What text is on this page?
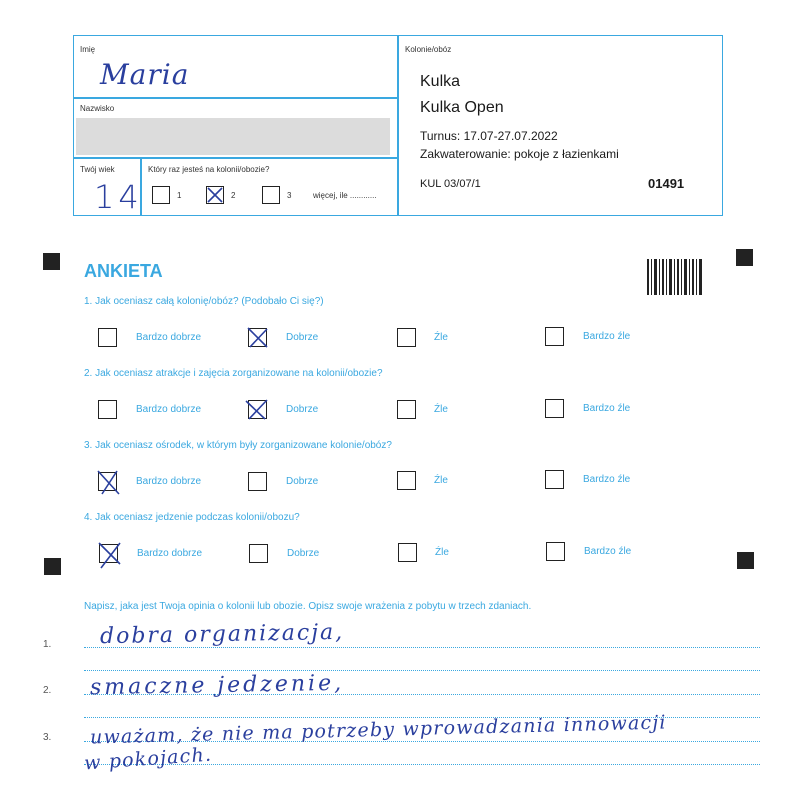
Imię
Maria
Nazwisko
Twój wiek
14
Który raz jesteś na kolonii/obozie?
1	2	3	więcej, ile ............
Kolonie/obóz
Kulka
Kulka Open
Turnus: 17.07-27.07.2022
Zakwaterowanie: pokoje z łazienkami
KUL 03/07/1	01491
ANKIETA
1. Jak oceniasz całą kolonię/obóz? (Podobało Ci się?)
Bardzo dobrze	Dobrze	Źle	Bardzo źle
2. Jak oceniasz atrakcje i zajęcia zorganizowane na kolonii/obozie?
Bardzo dobrze	Dobrze	Źle	Bardzo źle
3. Jak oceniasz ośrodek, w którym były zorganizowane kolonie/obóz?
Bardzo dobrze	Dobrze	Źle	Bardzo źle
4. Jak oceniasz jedzenie podczas kolonii/obozu?
Bardzo dobrze	Dobrze	Źle	Bardzo źle
Napisz, jaka jest Twoja opinia o kolonii lub obozie. Opisz swoje wrażenia z pobytu w trzech zdaniach.
1.
2.
3.
dobra organizacja,
smaczne jedzenie,
uważam, że nie ma potrzeby wprowadzania innowacji
w pokojach.
